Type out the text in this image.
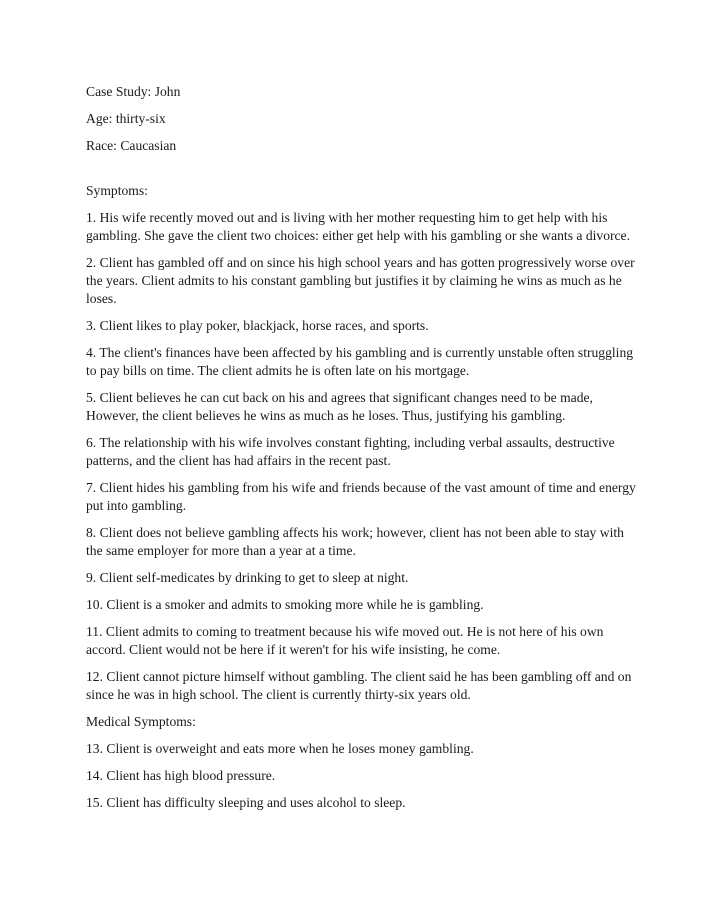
Case Study: John

Age: thirty-six

Race: Caucasian

Symptoms:

1. His wife recently moved out and is living with her mother requesting him to get help with his gambling. She gave the client two choices: either get help with his gambling or she wants a divorce.

2. Client has gambled off and on since his high school years and has gotten progressively worse over the years. Client admits to his constant gambling but justifies it by claiming he wins as much as he loses.

3. Client likes to play poker, blackjack, horse races, and sports.

4. The client's finances have been affected by his gambling and is currently unstable often struggling to pay bills on time. The client admits he is often late on his mortgage.

5. Client believes he can cut back on his and agrees that significant changes need to be made, However, the client believes he wins as much as he loses. Thus, justifying his gambling.

6. The relationship with his wife involves constant fighting, including verbal assaults, destructive patterns, and the client has had affairs in the recent past.

7. Client hides his gambling from his wife and friends because of the vast amount of time and energy put into gambling.

8. Client does not believe gambling affects his work; however, client has not been able to stay with the same employer for more than a year at a time.

9. Client self-medicates by drinking to get to sleep at night.

10. Client is a smoker and admits to smoking more while he is gambling.

11. Client admits to coming to treatment because his wife moved out. He is not here of his own accord. Client would not be here if it weren't for his wife insisting, he come.

12. Client cannot picture himself without gambling. The client said he has been gambling off and on since he was in high school. The client is currently thirty-six years old.

Medical Symptoms:

13. Client is overweight and eats more when he loses money gambling.

14. Client has high blood pressure.

15. Client has difficulty sleeping and uses alcohol to sleep.
